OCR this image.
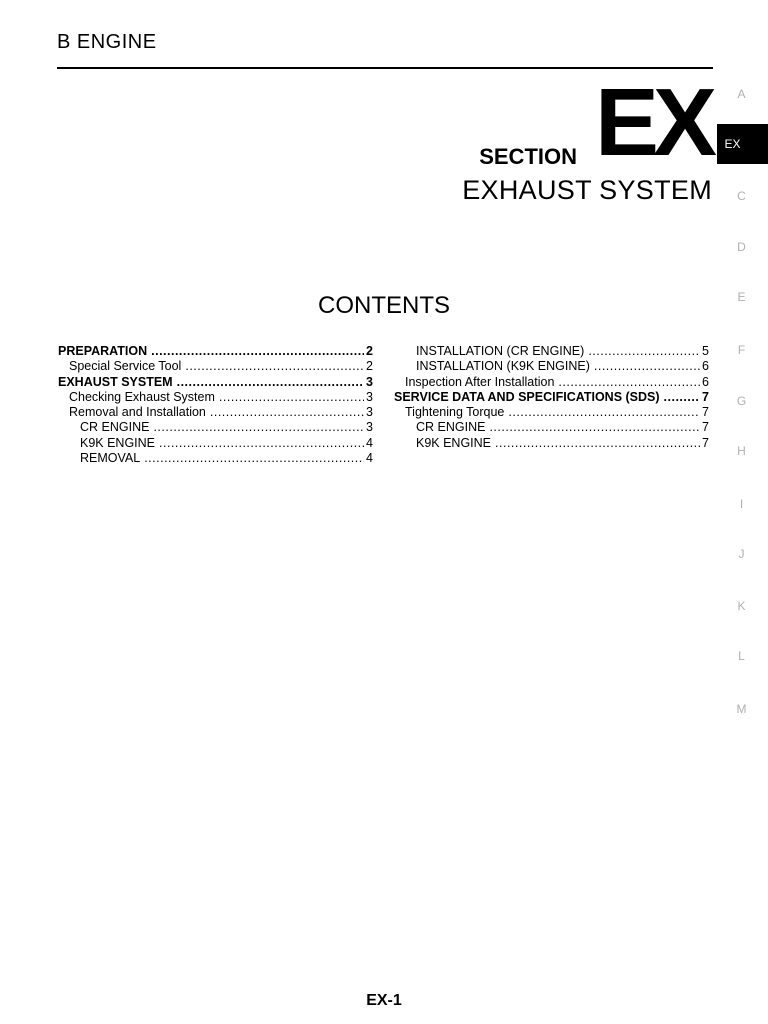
B ENGINE
EX
SECTION
EXHAUST SYSTEM
CONTENTS
PREPARATION .....	2
Special Service Tool .....	2
EXHAUST SYSTEM .....	3
Checking Exhaust System .....	3
Removal and Installation .....	3
CR ENGINE .....	3
K9K ENGINE .....	4
REMOVAL .....	4
INSTALLATION (CR ENGINE) .....	5
INSTALLATION (K9K ENGINE) .....	6
Inspection After Installation .....	6
SERVICE DATA AND SPECIFICATIONS (SDS) .....	7
Tightening Torque .....	7
CR ENGINE .....	7
K9K ENGINE .....	7
A
EX
C
D
E
F
G
H
I
J
K
L
M
EX-1
